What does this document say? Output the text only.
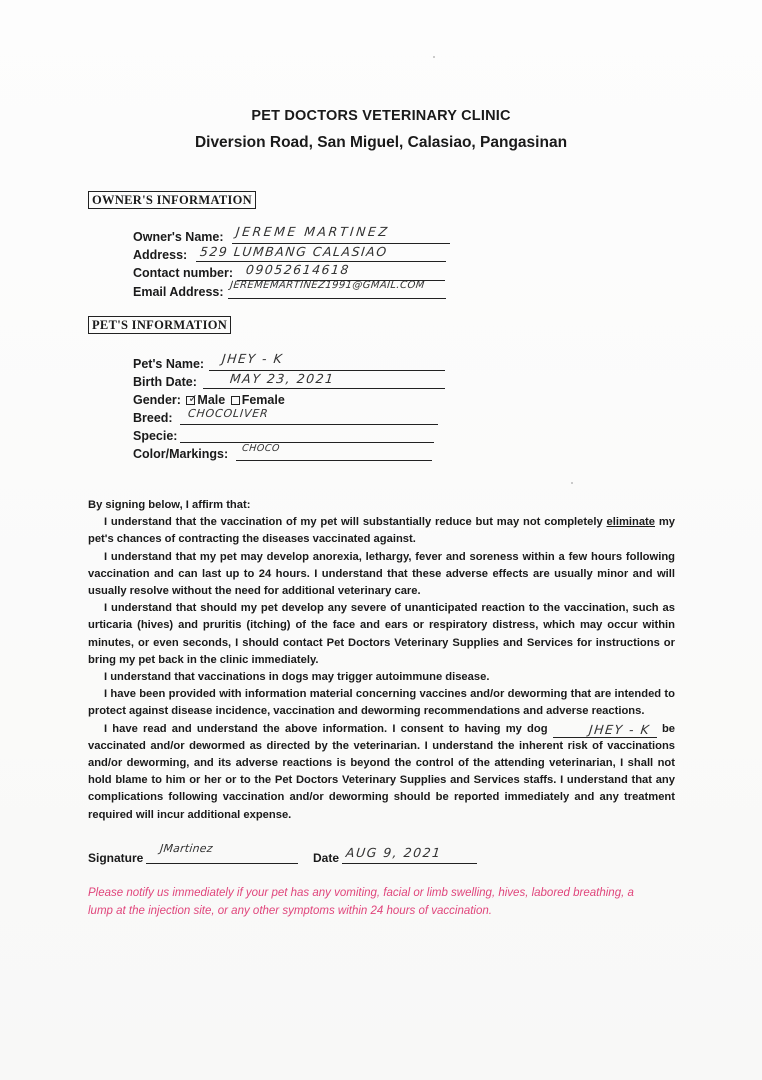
PET DOCTORS VETERINARY CLINIC
Diversion Road, San Miguel, Calasiao, Pangasinan
OWNER'S INFORMATION
Owner's Name: JEREME MARTINEZ
Address: 529 LUMBANG CALASIAO
Contact number: 09052614618
Email Address: JEREMEMARTINEZ1991@GMAIL.COM
PET'S INFORMATION
Pet's Name: JHEY - K
Birth Date:	MAY 23, 2021
Gender: ✓ Male Female
Breed: CHOCOLIVER
Specie:
Color/Markings: CHOCO

By signing below, I affirm that:

I understand that the vaccination of my pet will substantially reduce but may not completely eliminate my pet's chances of contracting the diseases vaccinated against.

I understand that my pet may develop anorexia, lethargy, fever and soreness within a few hours following vaccination and can last up to 24 hours. I understand that these adverse effects are usually minor and will usually resolve without the need for additional veterinary care.

I understand that should my pet develop any severe of unanticipated reaction to the vaccination, such as urticaria (hives) and pruritis (itching) of the face and ears or respiratory distress, which may occur within minutes, or even seconds, I should contact Pet Doctors Veterinary Supplies and Services for instructions or bring my pet back in the clinic immediately.

I understand that vaccinations in dogs may trigger autoimmune disease.

I have been provided with information material concerning vaccines and/or deworming that are intended to protect against disease incidence, vaccination and deworming recommendations and adverse reactions.

I have read and understand the above information. I consent to having my dog	JHEY - K be vaccinated and/or dewormed as directed by the veterinarian. I understand the inherent risk of vaccinations and/or deworming, and its adverse reactions is beyond the control of the attending veterinarian, I shall not hold blame to him or her or to the Pet Doctors Veterinary Supplies and Services staffs. I understand that any complications following vaccination and/or deworming should be reported immediately and any treatment required will incur additional expense.

Signature
JMartinez
Date AUG 9, 2021
Please notify us immediately if your pet has any vomiting, facial or limb swelling, hives, labored breathing, a lump at the injection site, or any other symptoms within 24 hours of vaccination.
